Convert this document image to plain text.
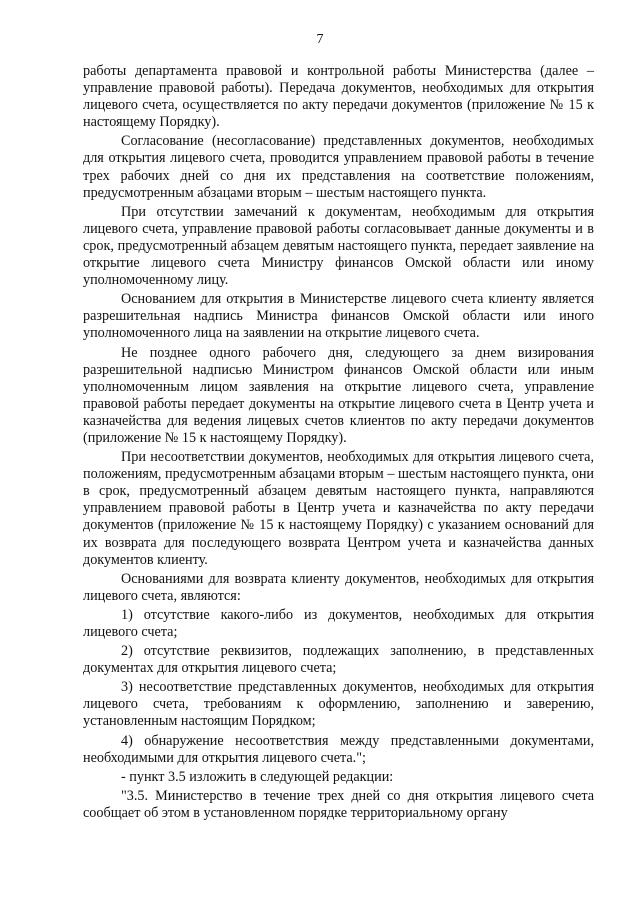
7

работы департамента правовой и контрольной работы Министерства (далее – управление правовой работы). Передача документов, необходимых для открытия лицевого счета, осуществляется по акту передачи документов (приложение № 15 к настоящему Порядку).

Согласование (несогласование) представленных документов, необходимых для открытия лицевого счета, проводится управлением правовой работы в течение трех рабочих дней со дня их представления на соответствие положениям, предусмотренным абзацами вторым – шестым настоящего пункта.

При отсутствии замечаний к документам, необходимым для открытия лицевого счета, управление правовой работы согласовывает данные документы и в срок, предусмотренный абзацем девятым настоящего пункта, передает заявление на открытие лицевого счета Министру финансов Омской области или иному уполномоченному лицу.

Основанием для открытия в Министерстве лицевого счета клиенту является разрешительная надпись Министра финансов Омской области или иного уполномоченного лица на заявлении на открытие лицевого счета.

Не позднее одного рабочего дня, следующего за днем визирования разрешительной надписью Министром финансов Омской области или иным уполномоченным лицом заявления на открытие лицевого счета, управление правовой работы передает документы на открытие лицевого счета в Центр учета и казначейства для ведения лицевых счетов клиентов по акту передачи документов (приложение № 15 к настоящему Порядку).

При несоответствии документов, необходимых для открытия лицевого счета, положениям, предусмотренным абзацами вторым – шестым настоящего пункта, они в срок, предусмотренный абзацем девятым настоящего пункта, направляются управлением правовой работы в Центр учета и казначейства по акту передачи документов (приложение № 15 к настоящему Порядку) с указанием оснований для их возврата для последующего возврата Центром учета и казначейства данных документов клиенту.

Основаниями для возврата клиенту документов, необходимых для открытия лицевого счета, являются:

1) отсутствие какого-либо из документов, необходимых для открытия лицевого счета;

2) отсутствие реквизитов, подлежащих заполнению, в представленных документах для открытия лицевого счета;

3) несоответствие представленных документов, необходимых для открытия лицевого счета, требованиям к оформлению, заполнению и заверению, установленным настоящим Порядком;

4) обнаружение несоответствия между представленными документами, необходимыми для открытия лицевого счета.";

- пункт 3.5 изложить в следующей редакции:

"3.5. Министерство в течение трех дней со дня открытия лицевого счета сообщает об этом в установленном порядке территориальному органу
